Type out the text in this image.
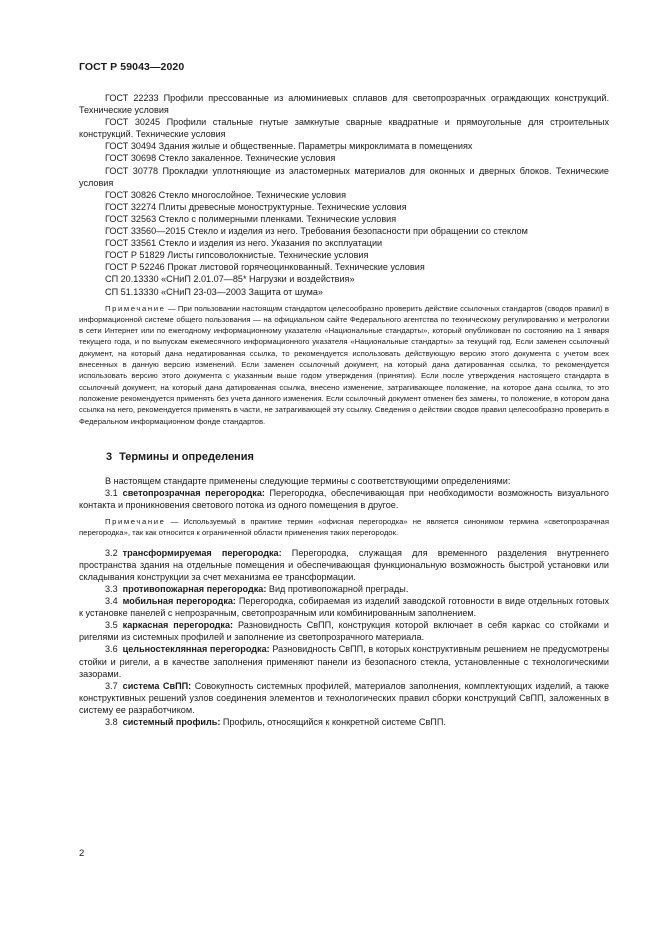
ГОСТ Р 59043—2020

ГОСТ 22233 Профили прессованные из алюминиевых сплавов для светопрозрачных ограждающих конструкций. Технические условия

ГОСТ 30245 Профили стальные гнутые замкнутые сварные квадратные и прямоугольные для строительных конструкций. Технические условия

ГОСТ 30494 Здания жилые и общественные. Параметры микроклимата в помещениях

ГОСТ 30698 Стекло закаленное. Технические условия

ГОСТ 30778 Прокладки уплотняющие из эластомерных материалов для оконных и дверных блоков. Технические условия

ГОСТ 30826 Стекло многослойное. Технические условия

ГОСТ 32274 Плиты древесные моноструктурные. Технические условия

ГОСТ 32563 Стекло с полимерными пленками. Технические условия

ГОСТ 33560—2015 Стекло и изделия из него. Требования безопасности при обращении со стеклом

ГОСТ 33561 Стекло и изделия из него. Указания по эксплуатации

ГОСТ Р 51829 Листы гипсоволокнистые. Технические условия

ГОСТ Р 52246 Прокат листовой горячеоцинкованный. Технические условия

СП 20.13330 «СНиП 2.01.07—85* Нагрузки и воздействия»

СП 51.13330 «СНиП 23-03—2003 Защита от шума»

Примечание — При пользовании настоящим стандартом целесообразно проверить действие ссылочных стандартов (сводов правил) в информационной системе общего пользования — на официальном сайте Федерального агентства по техническому регулированию и метрологии в сети Интернет или по ежегодному информационному указателю «Национальные стандарты», который опубликован по состоянию на 1 января текущего года, и по выпускам ежемесячного информационного указателя «Национальные стандарты» за текущий год. Если заменен ссылочный документ, на который дана недатированная ссылка, то рекомендуется использовать действующую версию этого документа с учетом всех внесенных в данную версию изменений. Если заменен ссылочный документ, на который дана датированная ссылка, то рекомендуется использовать версию этого документа с указанным выше годом утверждения (принятия). Если после утверждения настоящего стандарта в ссылочный документ, на который дана датированная ссылка, внесено изменение, затрагивающее положение, на которое дана ссылка, то это положение рекомендуется применять без учета данного изменения. Если ссылочный документ отменен без замены, то положение, в котором дана ссылка на него, рекомендуется применять в части, не затрагивающей эту ссылку. Сведения о действии сводов правил целесообразно проверить в Федеральном информационном фонде стандартов.

3 Термины и определения

В настоящем стандарте применены следующие термины с соответствующими определениями:

3.1 светопрозрачная перегородка: Перегородка, обеспечивающая при необходимости возможность визуального контакта и проникновения светового потока из одного помещения в другое.

Примечание — Используемый в практике термин «офисная перегородка» не является синонимом термина «светопрозрачная перегородка», так как относится к ограниченной области применения таких перегородок.

3.2 трансформируемая перегородка: Перегородка, служащая для временного разделения внутреннего пространства здания на отдельные помещения и обеспечивающая функциональную возможность быстрой установки или складывания конструкции за счет механизма ее трансформации.

3.3 противопожарная перегородка: Вид противопожарной преграды.

3.4 мобильная перегородка: Перегородка, собираемая из изделий заводской готовности в виде отдельных готовых к установке панелей с непрозрачным, светопрозрачным или комбинированным заполнением.

3.5 каркасная перегородка: Разновидность СвПП, конструкция которой включает в себя каркас со стойками и ригелями из системных профилей и заполнение из светопрозрачного материала.

3.6 цельностеклянная перегородка: Разновидность СвПП, в которых конструктивным решением не предусмотрены стойки и ригели, а в качестве заполнения применяют панели из безопасного стекла, установленные с технологическими зазорами.

3.7 система СвПП: Совокупность системных профилей, материалов заполнения, комплектующих изделий, а также конструктивных решений узлов соединения элементов и технологических правил сборки конструкций СвПП, заложенных в систему ее разработчиком.

3.8 системный профиль: Профиль, относящийся к конкретной системе СвПП.

2
